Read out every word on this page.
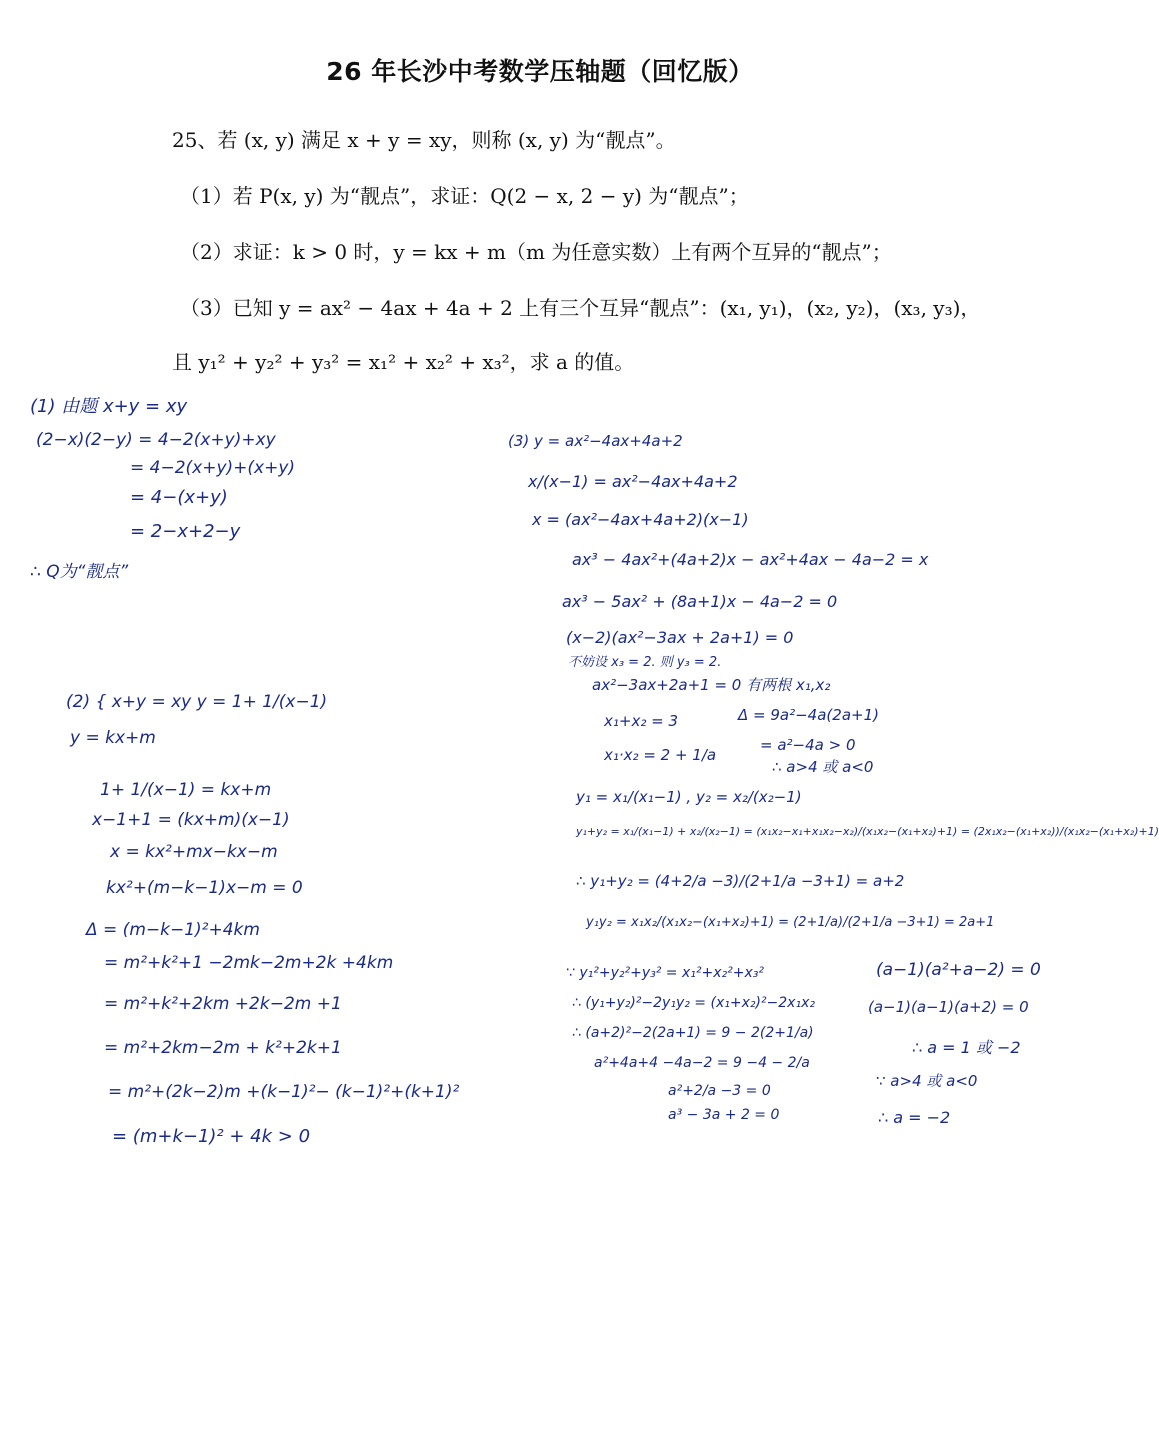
26 年长沙中考数学压轴题（回忆版）
25、若 (x, y) 满足 x + y = xy，则称 (x, y) 为“靓点”。
（1）若 P(x, y) 为“靓点”，求证：Q(2 − x, 2 − y) 为“靓点”；
（2）求证：k > 0 时，y = kx + m（m 为任意实数）上有两个互异的“靓点”；
（3）已知 y = ax² − 4ax + 4a + 2 上有三个互异“靓点”：(x₁, y₁)，(x₂, y₂)，(x₃, y₃)，
且 y₁² + y₂² + y₃² = x₁² + x₂² + x₃²，求 a 的值。
(1) 由题 x+y = xy
(2−x)(2−y) = 4−2(x+y)+xy
= 4−2(x+y)+(x+y)
= 4−(x+y)
= 2−x+2−y
∴ Q为“靓点”
(2) { x+y = xy y = 1+ 1/(x−1)
y = kx+m
1+ 1/(x−1) = kx+m
x−1+1 = (kx+m)(x−1)
x = kx²+mx−kx−m
kx²+(m−k−1)x−m = 0
Δ = (m−k−1)²+4km
= m²+k²+1 −2mk−2m+2k +4km
= m²+k²+2km +2k−2m +1
= m²+2km−2m + k²+2k+1
= m²+(2k−2)m +(k−1)²− (k−1)²+(k+1)²
= (m+k−1)² + 4k > 0
(3) y = ax²−4ax+4a+2
x/(x−1) = ax²−4ax+4a+2
x = (ax²−4ax+4a+2)(x−1)
ax³ − 4ax²+(4a+2)x − ax²+4ax − 4a−2 = x
ax³ − 5ax² + (8a+1)x − 4a−2 = 0
(x−2)(ax²−3ax + 2a+1) = 0
不妨设 x₃ = 2. 则 y₃ = 2.
ax²−3ax+2a+1 = 0 有两根 x₁,x₂
x₁+x₂ = 3	Δ = 9a²−4a(2a+1)
x₁·x₂ = 2 + 1/a
= a²−4a > 0
∴ a>4 或 a<0
y₁ = x₁/(x₁−1) , y₂ = x₂/(x₂−1)
y₁+y₂ = x₁/(x₁−1) + x₂/(x₂−1) = (x₁x₂−x₁+x₁x₂−x₂)/(x₁x₂−(x₁+x₂)+1) = (2x₁x₂−(x₁+x₂))/(x₁x₂−(x₁+x₂)+1)
∴ y₁+y₂ = (4+2/a −3)/(2+1/a −3+1) = a+2
y₁y₂ = x₁x₂/(x₁x₂−(x₁+x₂)+1) = (2+1/a)/(2+1/a −3+1) = 2a+1
∵ y₁²+y₂²+y₃² = x₁²+x₂²+x₃²
∴ (y₁+y₂)²−2y₁y₂ = (x₁+x₂)²−2x₁x₂
∴ (a+2)²−2(2a+1) = 9 − 2(2+1/a)
a²+4a+4 −4a−2 = 9 −4 − 2/a
a²+2/a −3 = 0
a³ − 3a + 2 = 0
(a−1)(a²+a−2) = 0
(a−1)(a−1)(a+2) = 0
∴ a = 1 或 −2
∵ a>4 或 a<0
∴ a = −2
